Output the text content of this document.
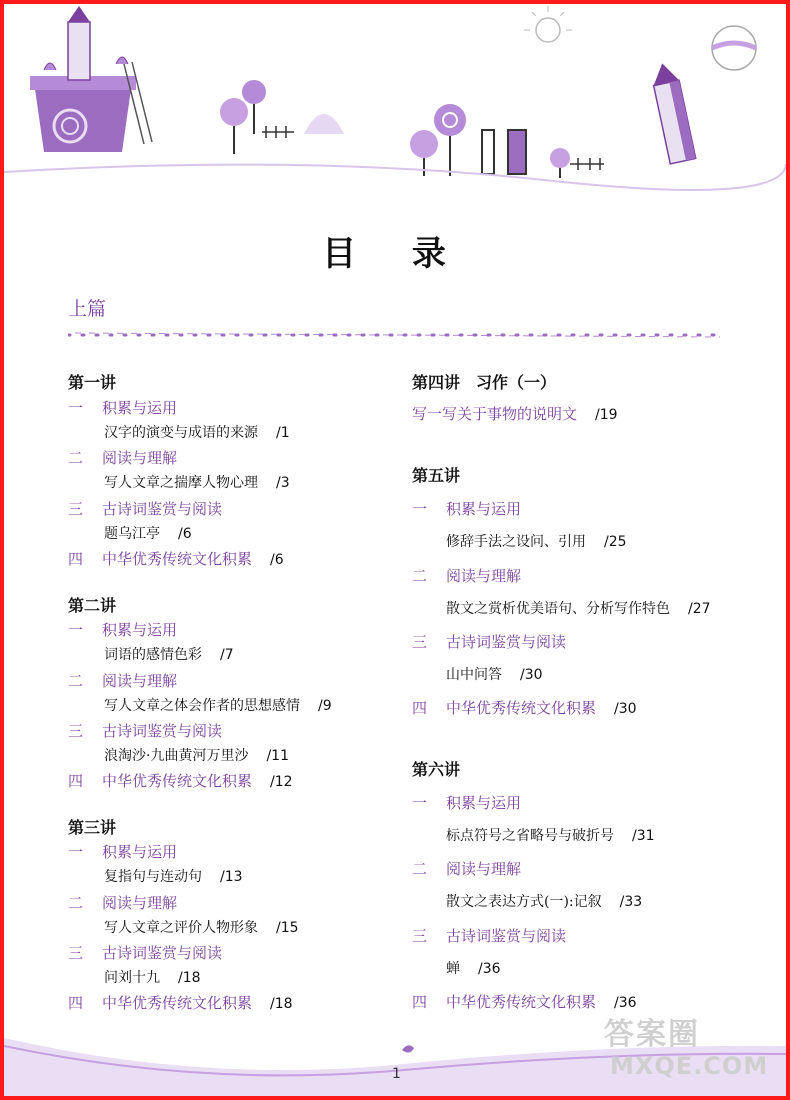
目 录
上篇
第一讲
一 积累与运用
汉字的演变与成语的来源 /1
二 阅读与理解
写人文章之揣摩人物心理 /3
三 古诗词鉴赏与阅读
题乌江亭 /6
四 中华优秀传统文化积累 /6
第二讲
一 积累与运用
词语的感情色彩 /7
二 阅读与理解
写人文章之体会作者的思想感情 /9
三 古诗词鉴赏与阅读
浪淘沙·九曲黄河万里沙 /11
四 中华优秀传统文化积累 /12
第三讲
一 积累与运用
复指句与连动句 /13
二 阅读与理解
写人文章之评价人物形象 /15
三 古诗词鉴赏与阅读
问刘十九 /18
四 中华优秀传统文化积累 /18
第四讲　习作（一）
写一写关于事物的说明文 /19
第五讲
一 积累与运用
修辞手法之设问、引用 /25
二 阅读与理解
散文之赏析优美语句、分析写作特色 /27
三 古诗词鉴赏与阅读
山中问答 /30
四 中华优秀传统文化积累 /30
第六讲
一 积累与运用
标点符号之省略号与破折号 /31
二 阅读与理解
散文之表达方式(一):记叙 /33
三 古诗词鉴赏与阅读
蝉 /36
四 中华优秀传统文化积累 /36
1
答案圈
MXQE.COM
